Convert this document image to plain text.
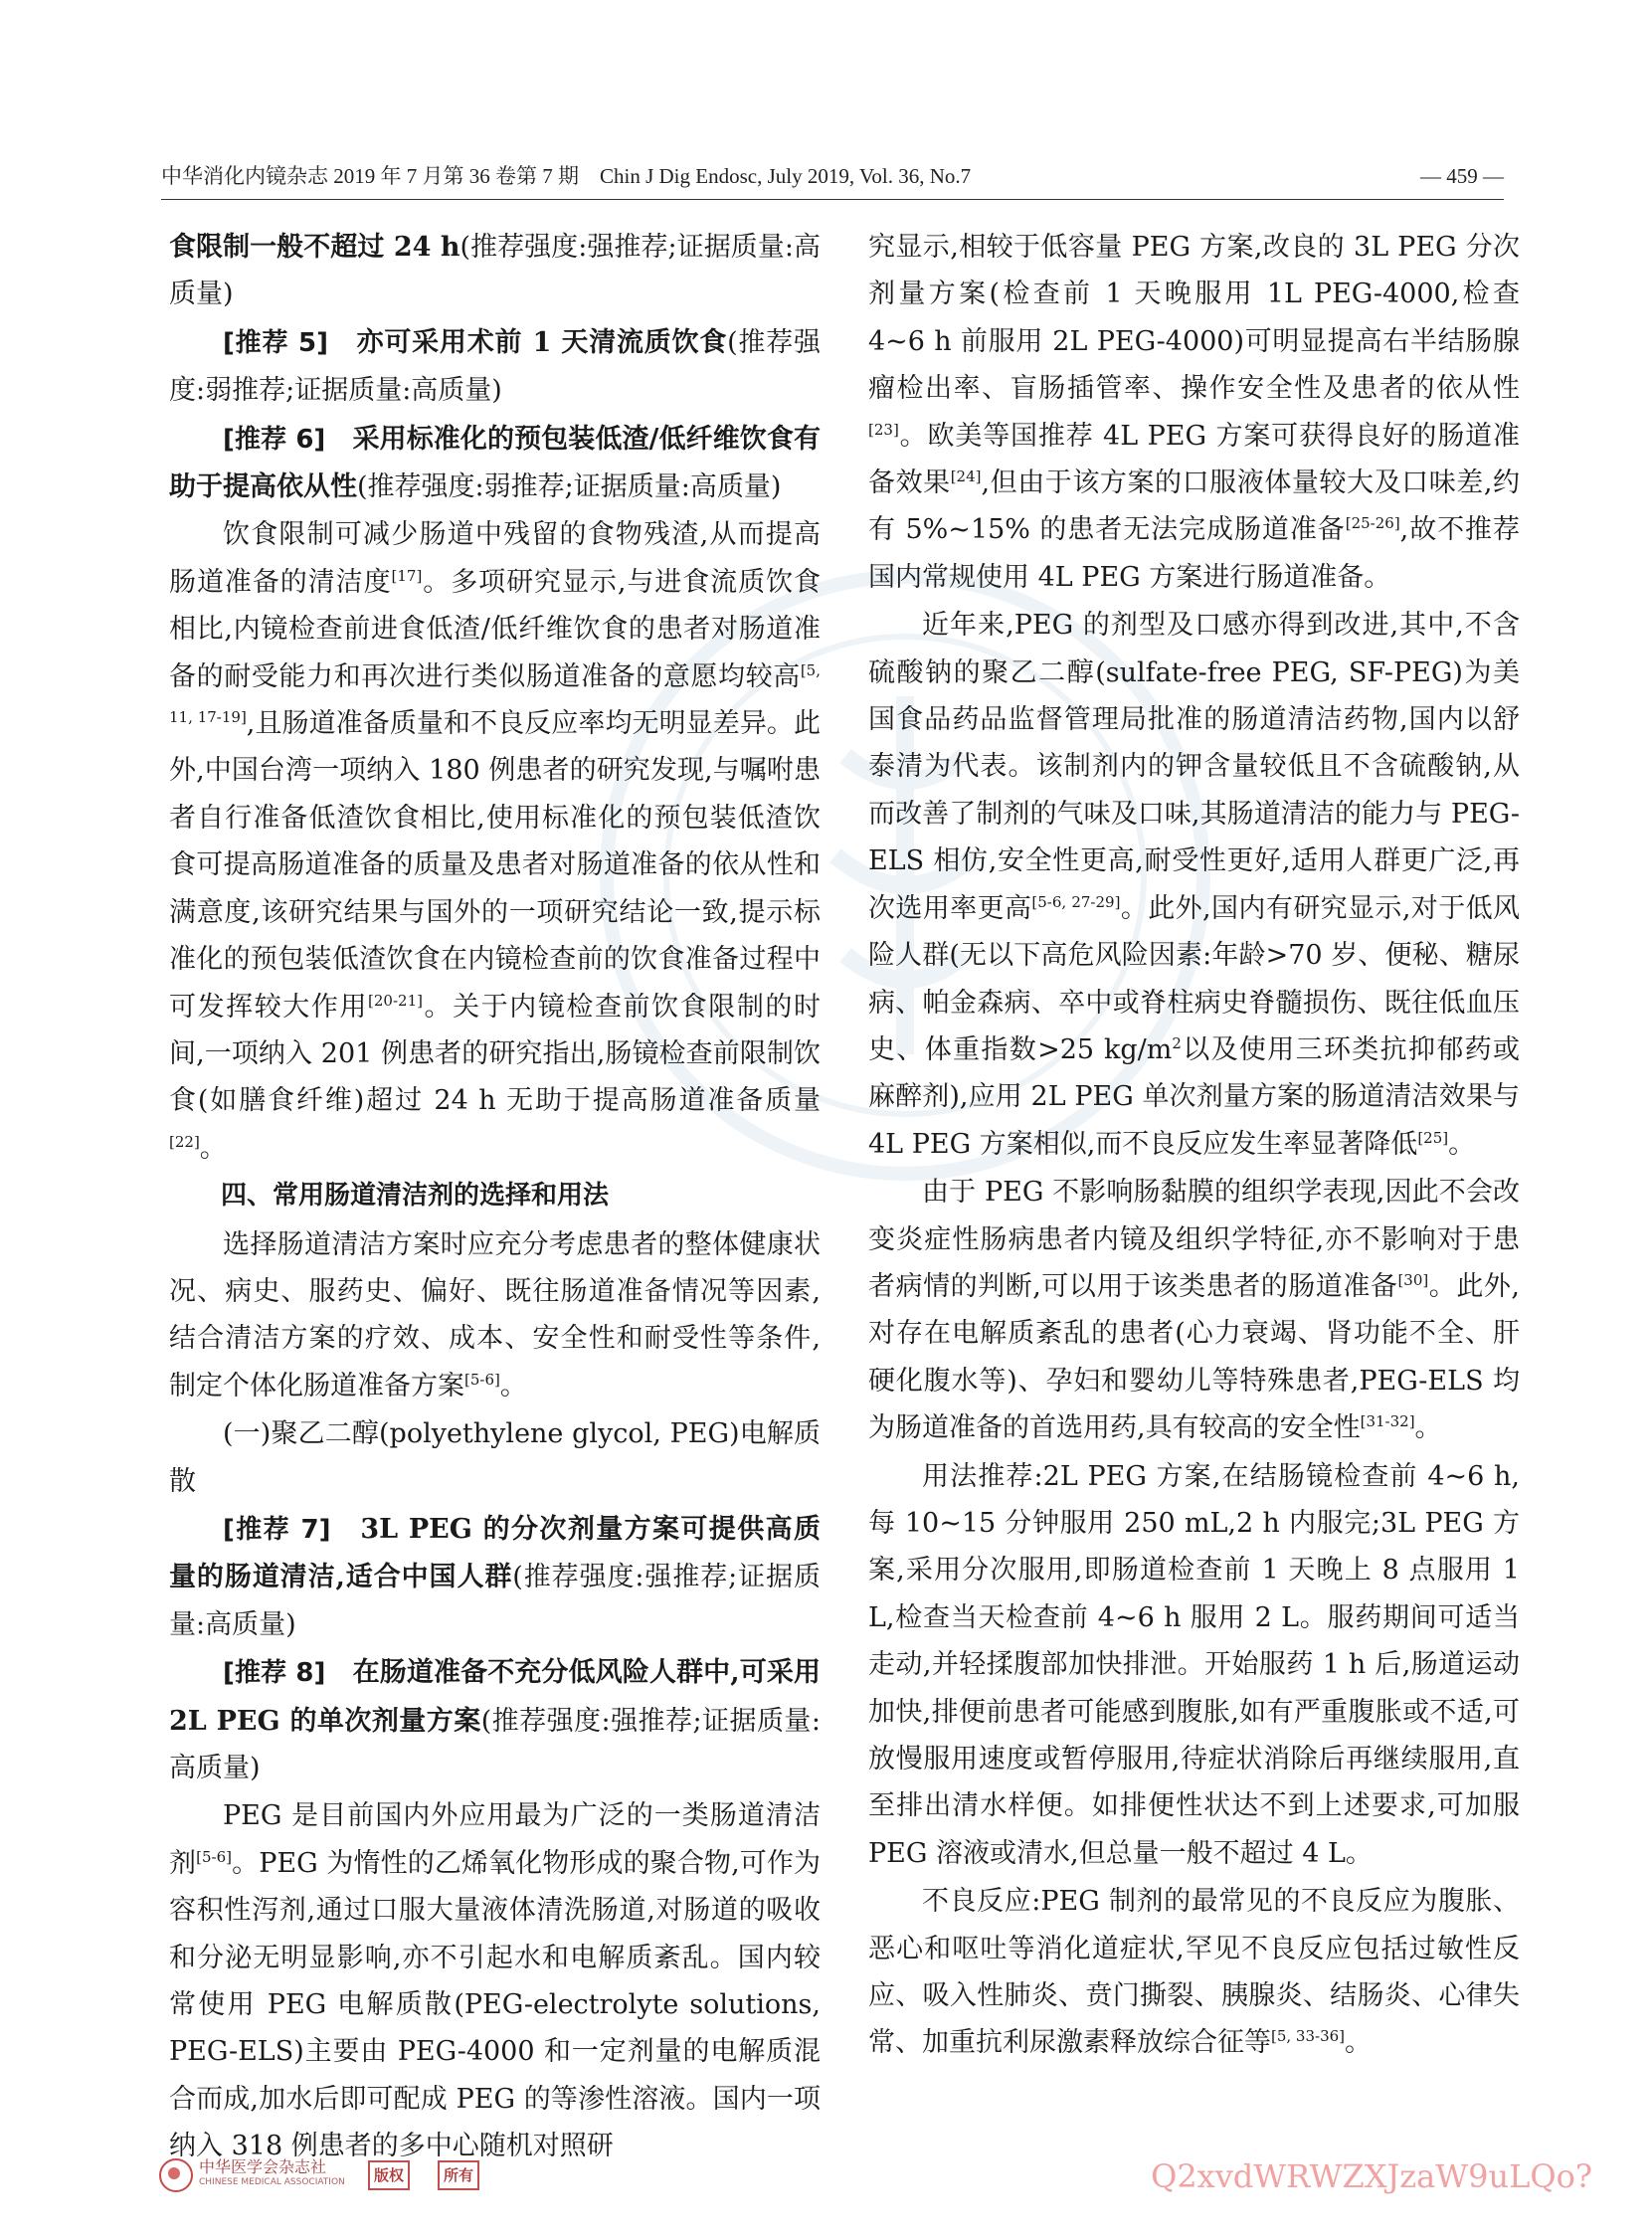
中华消化内镜杂志 2019 年 7 月第 36 卷第 7 期　Chin J Dig Endosc, July 2019, Vol. 36, No.7	— 459 —

食限制一般不超过 24 h(推荐强度:强推荐;证据质量:高质量)

[推荐 5]　 亦可采用术前 1 天清流质饮食(推荐强度:弱推荐;证据质量:高质量)

[推荐 6]　 采用标准化的预包装低渣/低纤维饮食有助于提高依从性(推荐强度:弱推荐;证据质量:高质量)

饮食限制可减少肠道中残留的食物残渣,从而提高肠道准备的清洁度[17]。多项研究显示,与进食流质饮食相比,内镜检查前进食低渣/低纤维饮食的患者对肠道准备的耐受能力和再次进行类似肠道准备的意愿均较高[5, 11, 17-19],且肠道准备质量和不良反应率均无明显差异。此外,中国台湾一项纳入 180 例患者的研究发现,与嘱咐患者自行准备低渣饮食相比,使用标准化的预包装低渣饮食可提高肠道准备的质量及患者对肠道准备的依从性和满意度,该研究结果与国外的一项研究结论一致,提示标准化的预包装低渣饮食在内镜检查前的饮食准备过程中可发挥较大作用[20-21]。关于内镜检查前饮食限制的时间,一项纳入 201 例患者的研究指出,肠镜检查前限制饮食(如膳食纤维)超过 24 h 无助于提高肠道准备质量[22]。

四、常用肠道清洁剂的选择和用法

选择肠道清洁方案时应充分考虑患者的整体健康状况、病史、服药史、偏好、既往肠道准备情况等因素,结合清洁方案的疗效、成本、安全性和耐受性等条件,制定个体化肠道准备方案[5-6]。

(一)聚乙二醇(polyethylene glycol, PEG)电解质散

[推荐 7]　 3L PEG 的分次剂量方案可提供高质量的肠道清洁,适合中国人群(推荐强度:强推荐;证据质量:高质量)

[推荐 8]　 在肠道准备不充分低风险人群中,可采用 2L PEG 的单次剂量方案(推荐强度:强推荐;证据质量:高质量)

PEG 是目前国内外应用最为广泛的一类肠道清洁剂[5-6]。PEG 为惰性的乙烯氧化物形成的聚合物,可作为容积性泻剂,通过口服大量液体清洗肠道,对肠道的吸收和分泌无明显影响,亦不引起水和电解质紊乱。国内较常使用 PEG 电解质散(PEG-electrolyte solutions, PEG-ELS)主要由 PEG-4000 和一定剂量的电解质混合而成,加水后即可配成 PEG 的等渗性溶液。国内一项纳入 318 例患者的多中心随机对照研

究显示,相较于低容量 PEG 方案,改良的 3L PEG 分次剂量方案(检查前 1 天晚服用 1L PEG-4000,检查 4~6 h 前服用 2L PEG-4000)可明显提高右半结肠腺瘤检出率、盲肠插管率、操作安全性及患者的依从性[23]。欧美等国推荐 4L PEG 方案可获得良好的肠道准备效果[24],但由于该方案的口服液体量较大及口味差,约有 5%~15% 的患者无法完成肠道准备[25-26],故不推荐国内常规使用 4L PEG 方案进行肠道准备。

近年来,PEG 的剂型及口感亦得到改进,其中,不含硫酸钠的聚乙二醇(sulfate-free PEG, SF-PEG)为美国食品药品监督管理局批准的肠道清洁药物,国内以舒泰清为代表。该制剂内的钾含量较低且不含硫酸钠,从而改善了制剂的气味及口味,其肠道清洁的能力与 PEG-ELS 相仿,安全性更高,耐受性更好,适用人群更广泛,再次选用率更高[5-6, 27-29]。此外,国内有研究显示,对于低风险人群(无以下高危风险因素:年龄>70 岁、便秘、糖尿病、帕金森病、卒中或脊柱病史脊髓损伤、既往低血压史、体重指数>25 $kg/m^2$以及使用三环类抗抑郁药或麻醉剂),应用 2L PEG 单次剂量方案的肠道清洁效果与 4L PEG 方案相似,而不良反应发生率显著降低[25]。

由于 PEG 不影响肠黏膜的组织学表现,因此不会改变炎症性肠病患者内镜及组织学特征,亦不影响对于患者病情的判断,可以用于该类患者的肠道准备[30]。此外,对存在电解质紊乱的患者(心力衰竭、肾功能不全、肝硬化腹水等)、孕妇和婴幼儿等特殊患者,PEG-ELS 均为肠道准备的首选用药,具有较高的安全性[31-32]。

用法推荐:2L PEG 方案,在结肠镜检查前 4~6 h,每 10~15 分钟服用 250 mL,2 h 内服完;3L PEG 方案,采用分次服用,即肠道检查前 1 天晚上 8 点服用 1 L,检查当天检查前 4~6 h 服用 2 L。服药期间可适当走动,并轻揉腹部加快排泄。开始服药 1 h 后,肠道运动加快,排便前患者可能感到腹胀,如有严重腹胀或不适,可放慢服用速度或暂停服用,待症状消除后再继续服用,直至排出清水样便。如排便性状达不到上述要求,可加服 PEG 溶液或清水,但总量一般不超过 4 L。

不良反应:PEG 制剂的最常见的不良反应为腹胀、恶心和呕吐等消化道症状,罕见不良反应包括过敏性反应、吸入性肺炎、贲门撕裂、胰腺炎、结肠炎、心律失常、加重抗利尿激素释放综合征等[5, 33-36]。

中华医学会杂志社
CHINESE MEDICAL ASSOCIATION	版权	所有	Q2xvdWRWZXJzaW9uLQo?
